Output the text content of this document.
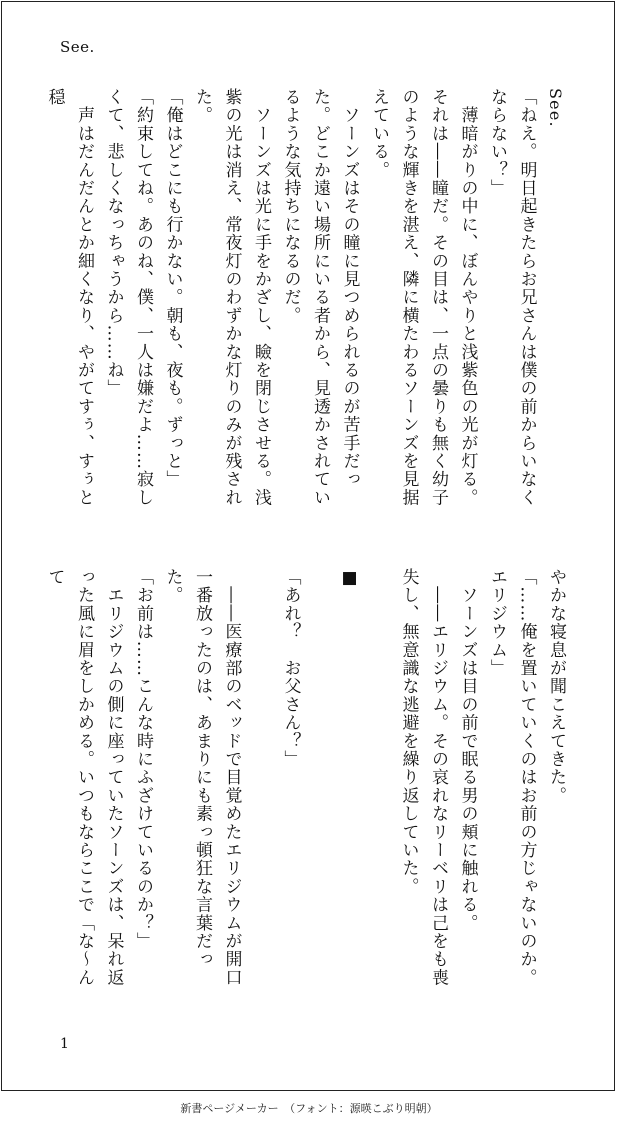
See.

See.

「ねえ。明日起きたらお兄さんは僕の前からいなくならない？」

　薄暗がりの中に、ぼんやりと浅紫色の光が灯る。それは――瞳だ。その目は、一点の曇りも無く幼子のような輝きを湛え、隣に横たわるソーンズを見据えている。

　ソーンズはその瞳に見つめられるのが苦手だった。どこか遠い場所にいる者から、見透かされているような気持ちになるのだ。

　ソーンズは光に手をかざし、瞼を閉じさせる。浅紫の光は消え、常夜灯のわずかな灯りのみが残された。

「俺はどこにも行かない。朝も、夜も。ずっと」

「約束してね。あのね、僕、一人は嫌だよ……寂しくて、悲しくなっちゃうから……ね」

　声はだんだんとか細くなり、やがてすぅ、すぅと穏

やかな寝息が聞こえてきた。

「……俺を置いていくのはお前の方じゃないのか。エリジウム」

　ソーンズは目の前で眠る男の頬に触れる。

　――エリジウム。その哀れなリーベリは己をも喪失し、無意識な逃避を繰り返していた。

■

「あれ？　お父さん？」

　――医療部のベッドで目覚めたエリジウムが開口一番放ったのは、あまりにも素っ頓狂な言葉だった。

「お前は……こんな時にふざけているのか？」

　エリジウムの側に座っていたソーンズは、呆れ返った風に眉をしかめる。いつもならここで「な～んて

1
新書ページメーカー　（フォント：源暎こぶり明朝）
